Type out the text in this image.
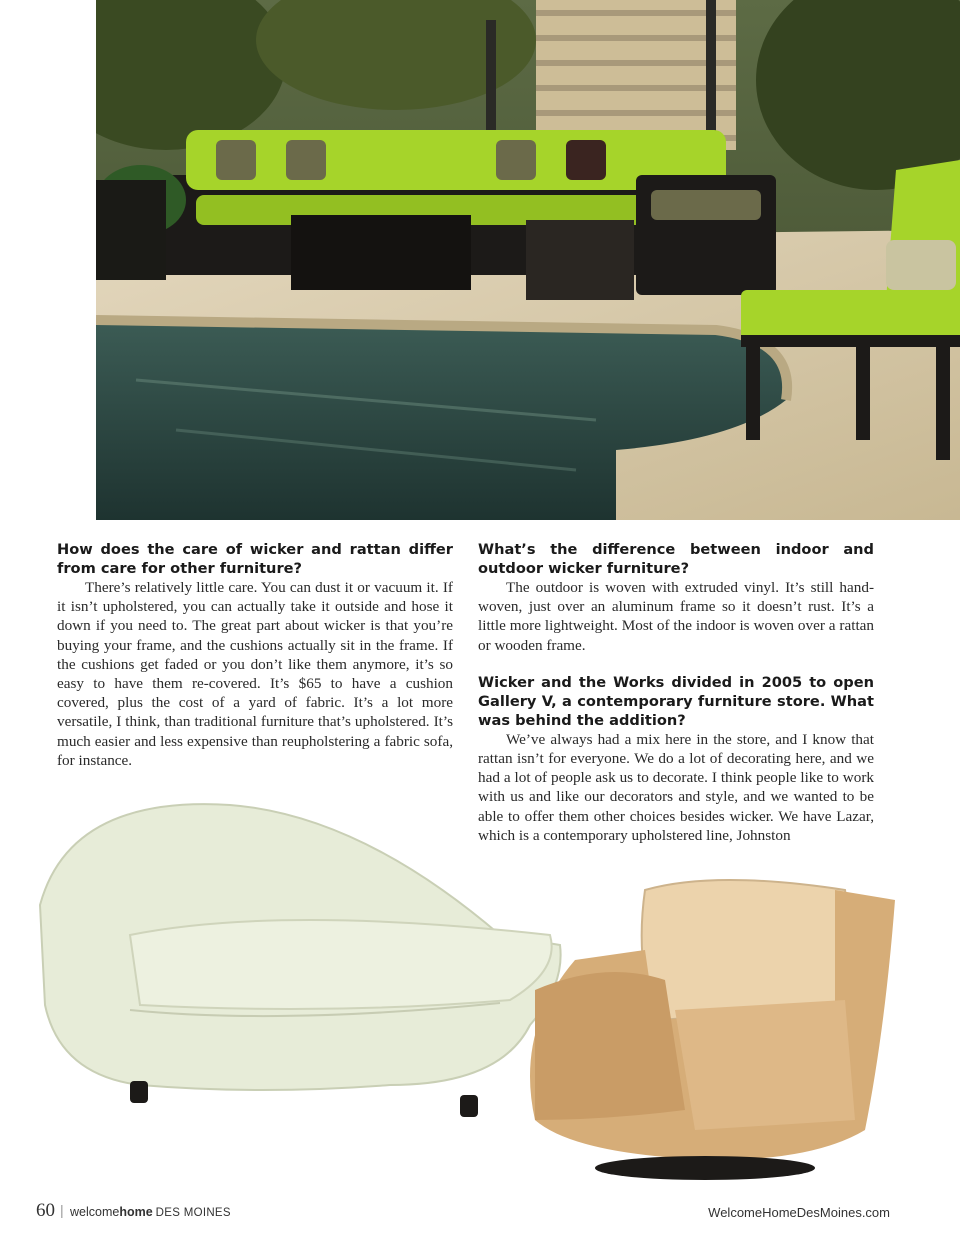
How does the care of wicker and rattan differ from care for other furniture?

There’s relatively little care. You can dust it or vacuum it. If it isn’t upholstered, you can actually take it outside and hose it down if you need to. The great part about wicker is that you’re buying your frame, and the cushions actually sit in the frame. If the cushions get faded or you don’t like them anymore, it’s so easy to have them re-covered. It’s $65 to have a cushion covered, plus the cost of a yard of fabric. It’s a lot more versatile, I think, than traditional furniture that’s upholstered. It’s much easier and less expensive than reupholstering a fabric sofa, for instance.

What’s the difference between indoor and outdoor wicker furniture?

The outdoor is woven with extruded vinyl. It’s still hand-woven, just over an aluminum frame so it doesn’t rust. It’s a little more lightweight. Most of the indoor is woven over a rattan or wooden frame.

Wicker and the Works divided in 2005 to open Gallery V, a contemporary furniture store. What was behind the addition?

We’ve always had a mix here in the store, and I know that rattan isn’t for everyone. We do a lot of decorating here, and we had a lot of people ask us to decorate. I think people like to work with us and like our decorators and style, and we wanted to be able to offer them other choices besides wicker. We have Lazar, which is a contemporary upholstered line, Johnston

60 | welcomehome DES MOINES	WelcomeHomeDesMoines.com
